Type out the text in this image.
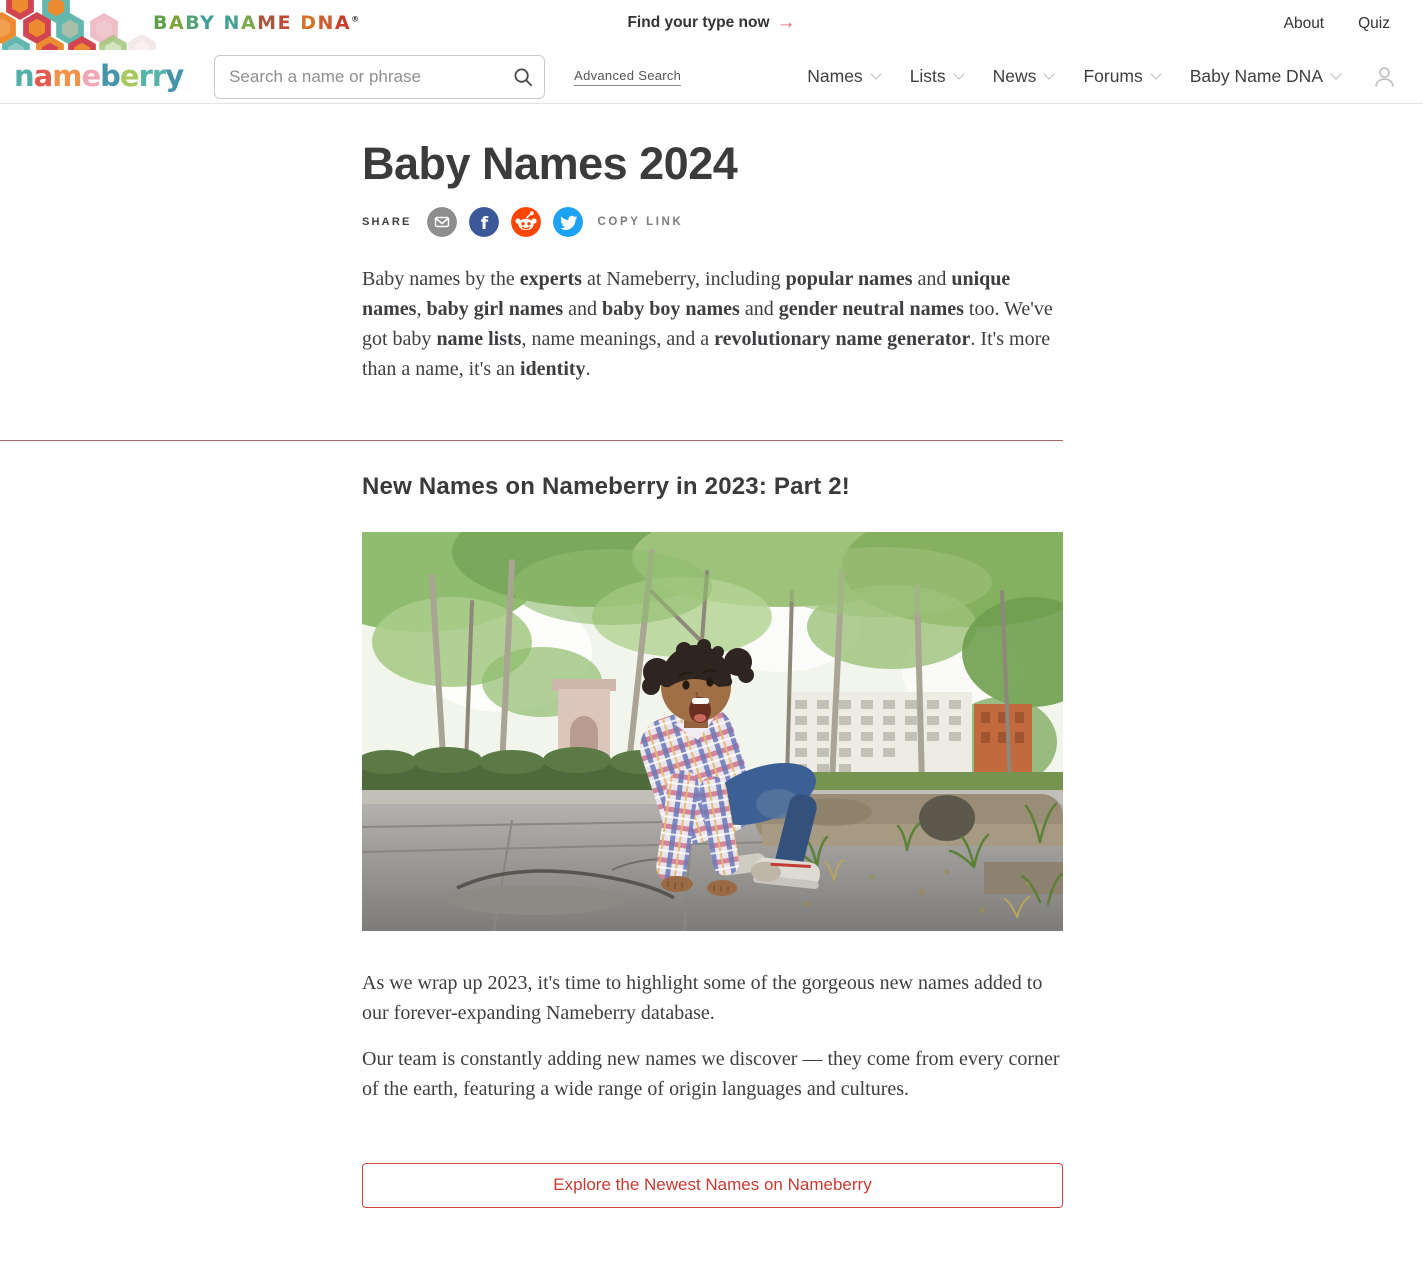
BABY NAME DNA®	Find your type now →	About Quiz
nameberry
Search a name or phrase	Advanced Search	Names	Lists	News	Forums	Baby Name DNA
Baby Names 2024
SHARE	f	COPY LINK

Baby names by the experts at Nameberry, including popular names and unique names, baby girl names and baby boy names and gender neutral names too. We've got baby name lists, name meanings, and a revolutionary name generator. It's more than a name, it's an identity.

New Names on Nameberry in 2023: Part 2!

As we wrap up 2023, it's time to highlight some of the gorgeous new names added to our forever-expanding Nameberry database.

Our team is constantly adding new names we discover — they come from every corner of the earth, featuring a wide range of origin languages and cultures.

Explore the Newest Names on Nameberry
